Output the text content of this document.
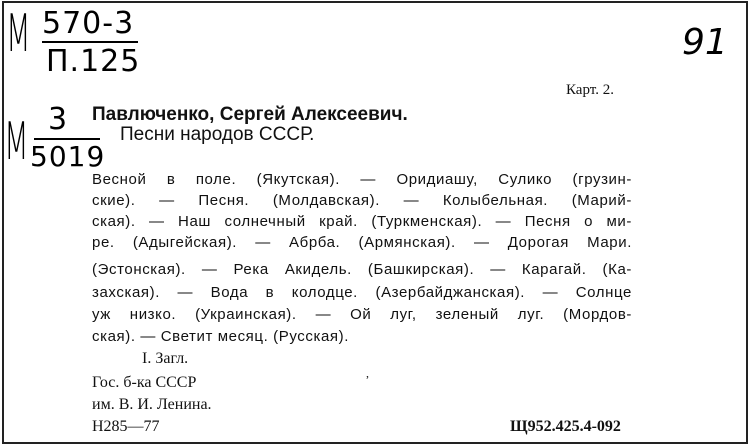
М 570-3
П.125	91
Карт. 2.
М 3
5019
Павлюченко, Сергей Алексеевич.
Песни народов СССР.
Весной в поле. (Якутская). — Оридиашу, Сулико (грузин-
ские). — Песня. (Молдавская). — Колыбельная. (Марий-
ская). — Наш солнечный край. (Туркменская). — Песня о ми-
ре. (Адыгейская). — Абрба. (Армянская). — Дорогая Мари.
(Эстонская). — Река Акидель. (Башкирская). — Карагай. (Ка-
захская). — Вода в колодце. (Азербайджанская). — Солнце
уж низко. (Украинская). — Ой луг, зеленый луг. (Мордов-
ская). — Светит месяц. (Русская).
I. Загл.
Гос. б-ка СССР
им. В. И. Ленина.
Н285—77	Щ952.425.4-092
,
